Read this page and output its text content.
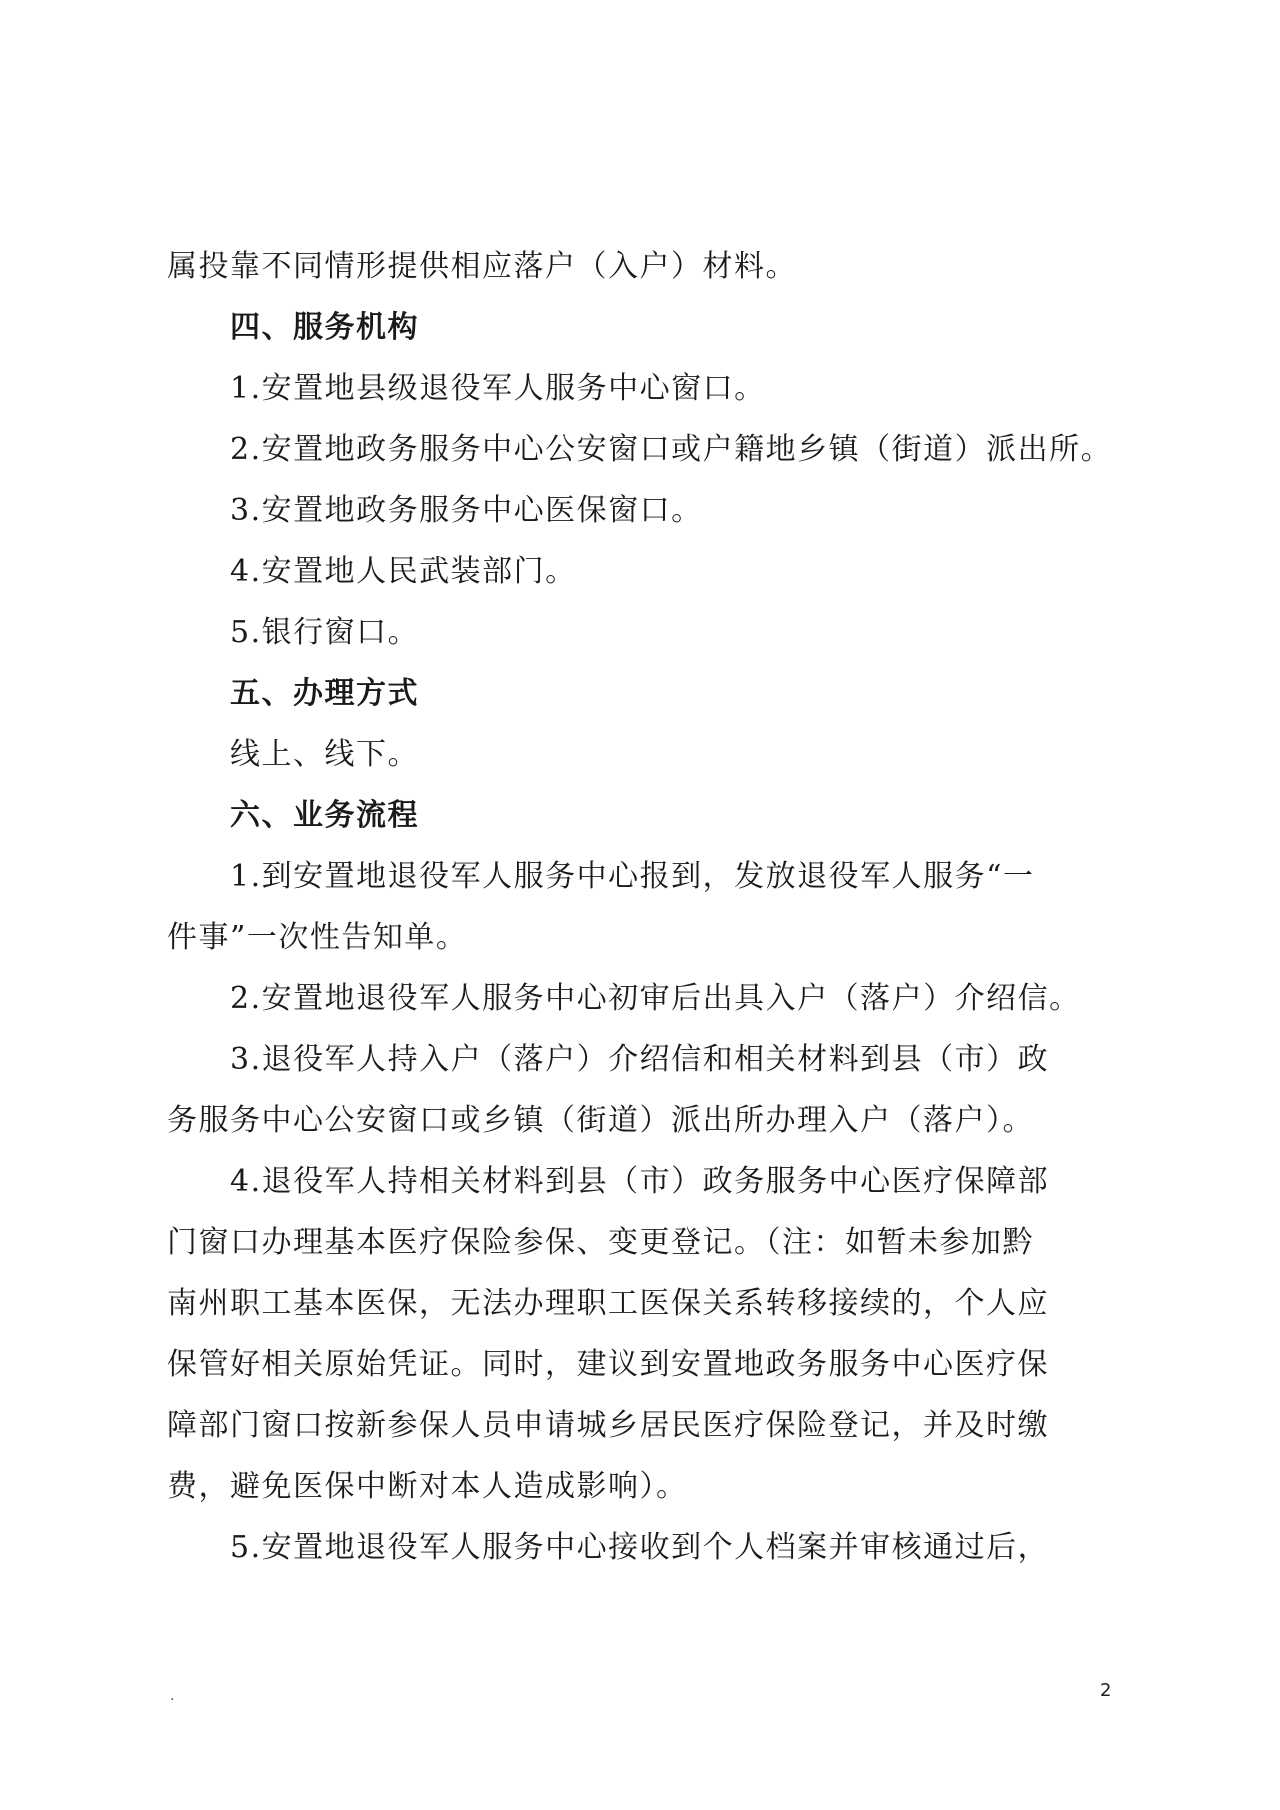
属投靠不同情形提供相应落户（入户）材料。
四、服务机构
1.安置地县级退役军人服务中心窗口。
2.安置地政务服务中心公安窗口或户籍地乡镇（街道）派出所。
3.安置地政务服务中心医保窗口。
4.安置地人民武装部门。
5.银行窗口。
五、办理方式
线上、线下。
六、业务流程
1.到安置地退役军人服务中心报到，发放退役军人服务“一
件事”一次性告知单。
2.安置地退役军人服务中心初审后出具入户（落户）介绍信。
3.退役军人持入户（落户）介绍信和相关材料到县（市）政
务服务中心公安窗口或乡镇（街道）派出所办理入户（落户）。
4.退役军人持相关材料到县（市）政务服务中心医疗保障部
门窗口办理基本医疗保险参保、变更登记。（注：如暂未参加黔
南州职工基本医保，无法办理职工医保关系转移接续的，个人应
保管好相关原始凭证。同时，建议到安置地政务服务中心医疗保
障部门窗口按新参保人员申请城乡居民医疗保险登记，并及时缴
费，避免医保中断对本人造成影响）。
5.安置地退役军人服务中心接收到个人档案并审核通过后，
.	2
